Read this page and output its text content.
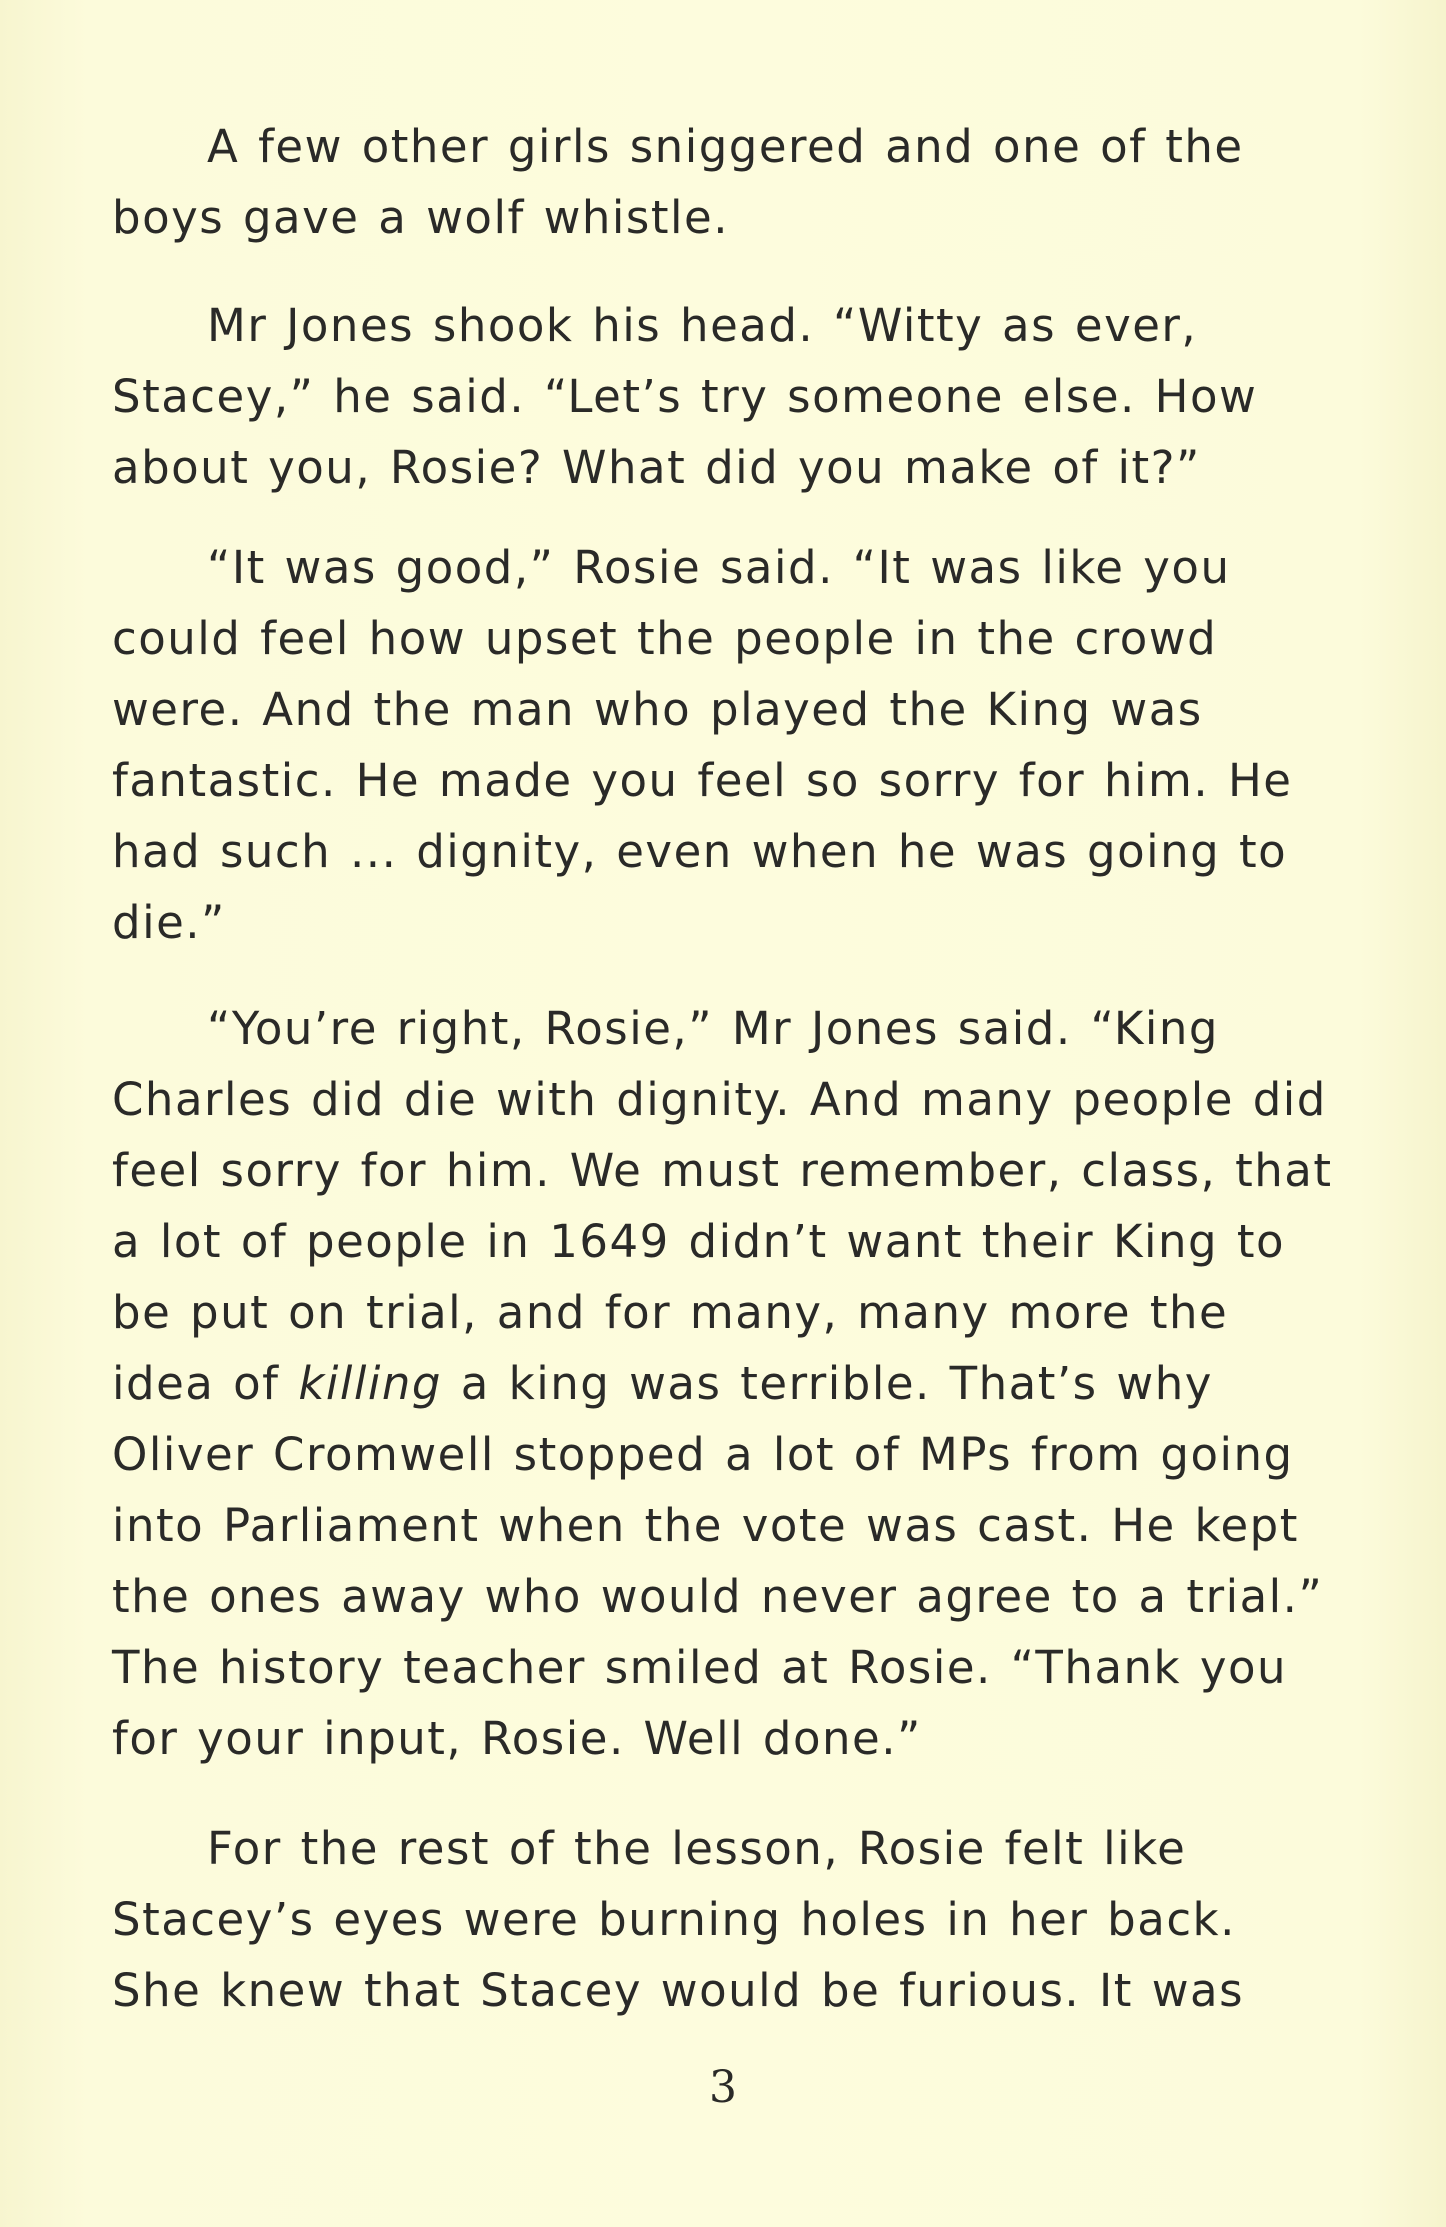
A few other girls sniggered and one of the boys gave a wolf whistle.

Mr Jones shook his head. “Witty as ever, Stacey,” he said. “Let’s try someone else. How about you, Rosie? What did you make of it?”

“It was good,” Rosie said. “It was like you could feel how upset the people in the crowd were. And the man who played the King was fantastic. He made you feel so sorry for him. He had such ... dignity, even when he was going to die.”

“You’re right, Rosie,” Mr Jones said. “King Charles did die with dignity. And many people did feel sorry for him. We must remember, class, that a lot of people in 1649 didn’t want their King to be put on trial, and for many, many more the idea of killing a king was terrible. That’s why Oliver Cromwell stopped a lot of MPs from going into Parliament when the vote was cast. He kept the ones away who would never agree to a trial.” The history teacher smiled at Rosie. “Thank you for your input, Rosie. Well done.”

For the rest of the lesson, Rosie felt like Stacey’s eyes were burning holes in her back. She knew that Stacey would be furious. It was

3
